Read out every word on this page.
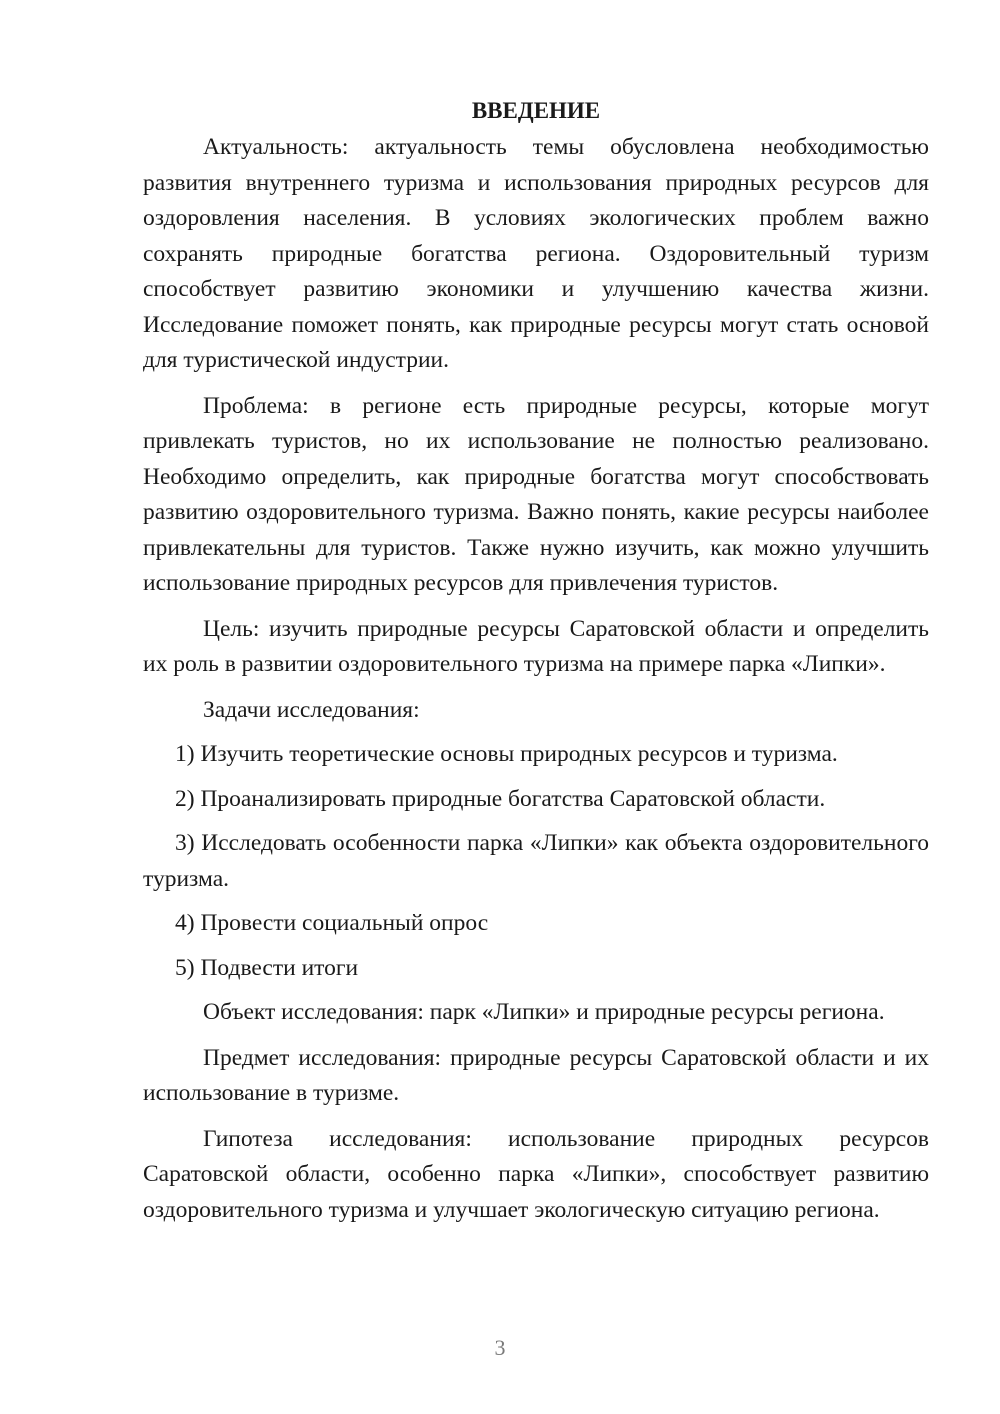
ВВЕДЕНИЕ

Актуальность: актуальность темы обусловлена необходимостью развития внутреннего туризма и использования природных ресурсов для оздоровления населения. В условиях экологических проблем важно сохранять природные богатства региона. Оздоровительный туризм способствует развитию экономики и улучшению качества жизни. Исследование поможет понять, как природные ресурсы могут стать основой для туристической индустрии.

Проблема: в регионе есть природные ресурсы, которые могут привлекать туристов, но их использование не полностью реализовано. Необходимо определить, как природные богатства могут способствовать развитию оздоровительного туризма. Важно понять, какие ресурсы наиболее привлекательны для туристов. Также нужно изучить, как можно улучшить использование природных ресурсов для привлечения туристов.

Цель: изучить природные ресурсы Саратовской области и определить их роль в развитии оздоровительного туризма на примере парка «Липки».

Задачи исследования:

1) Изучить теоретические основы природных ресурсов и туризма.

2) Проанализировать природные богатства Саратовской области.

3) Исследовать особенности парка «Липки» как объекта оздоровительного туризма.

4) Провести социальный опрос

5) Подвести итоги

Объект исследования: парк «Липки» и природные ресурсы региона.

Предмет исследования: природные ресурсы Саратовской области и их использование в туризме.

Гипотеза исследования: использование природных ресурсов Саратовской области, особенно парка «Липки», способствует развитию оздоровительного туризма и улучшает экологическую ситуацию региона.

3
